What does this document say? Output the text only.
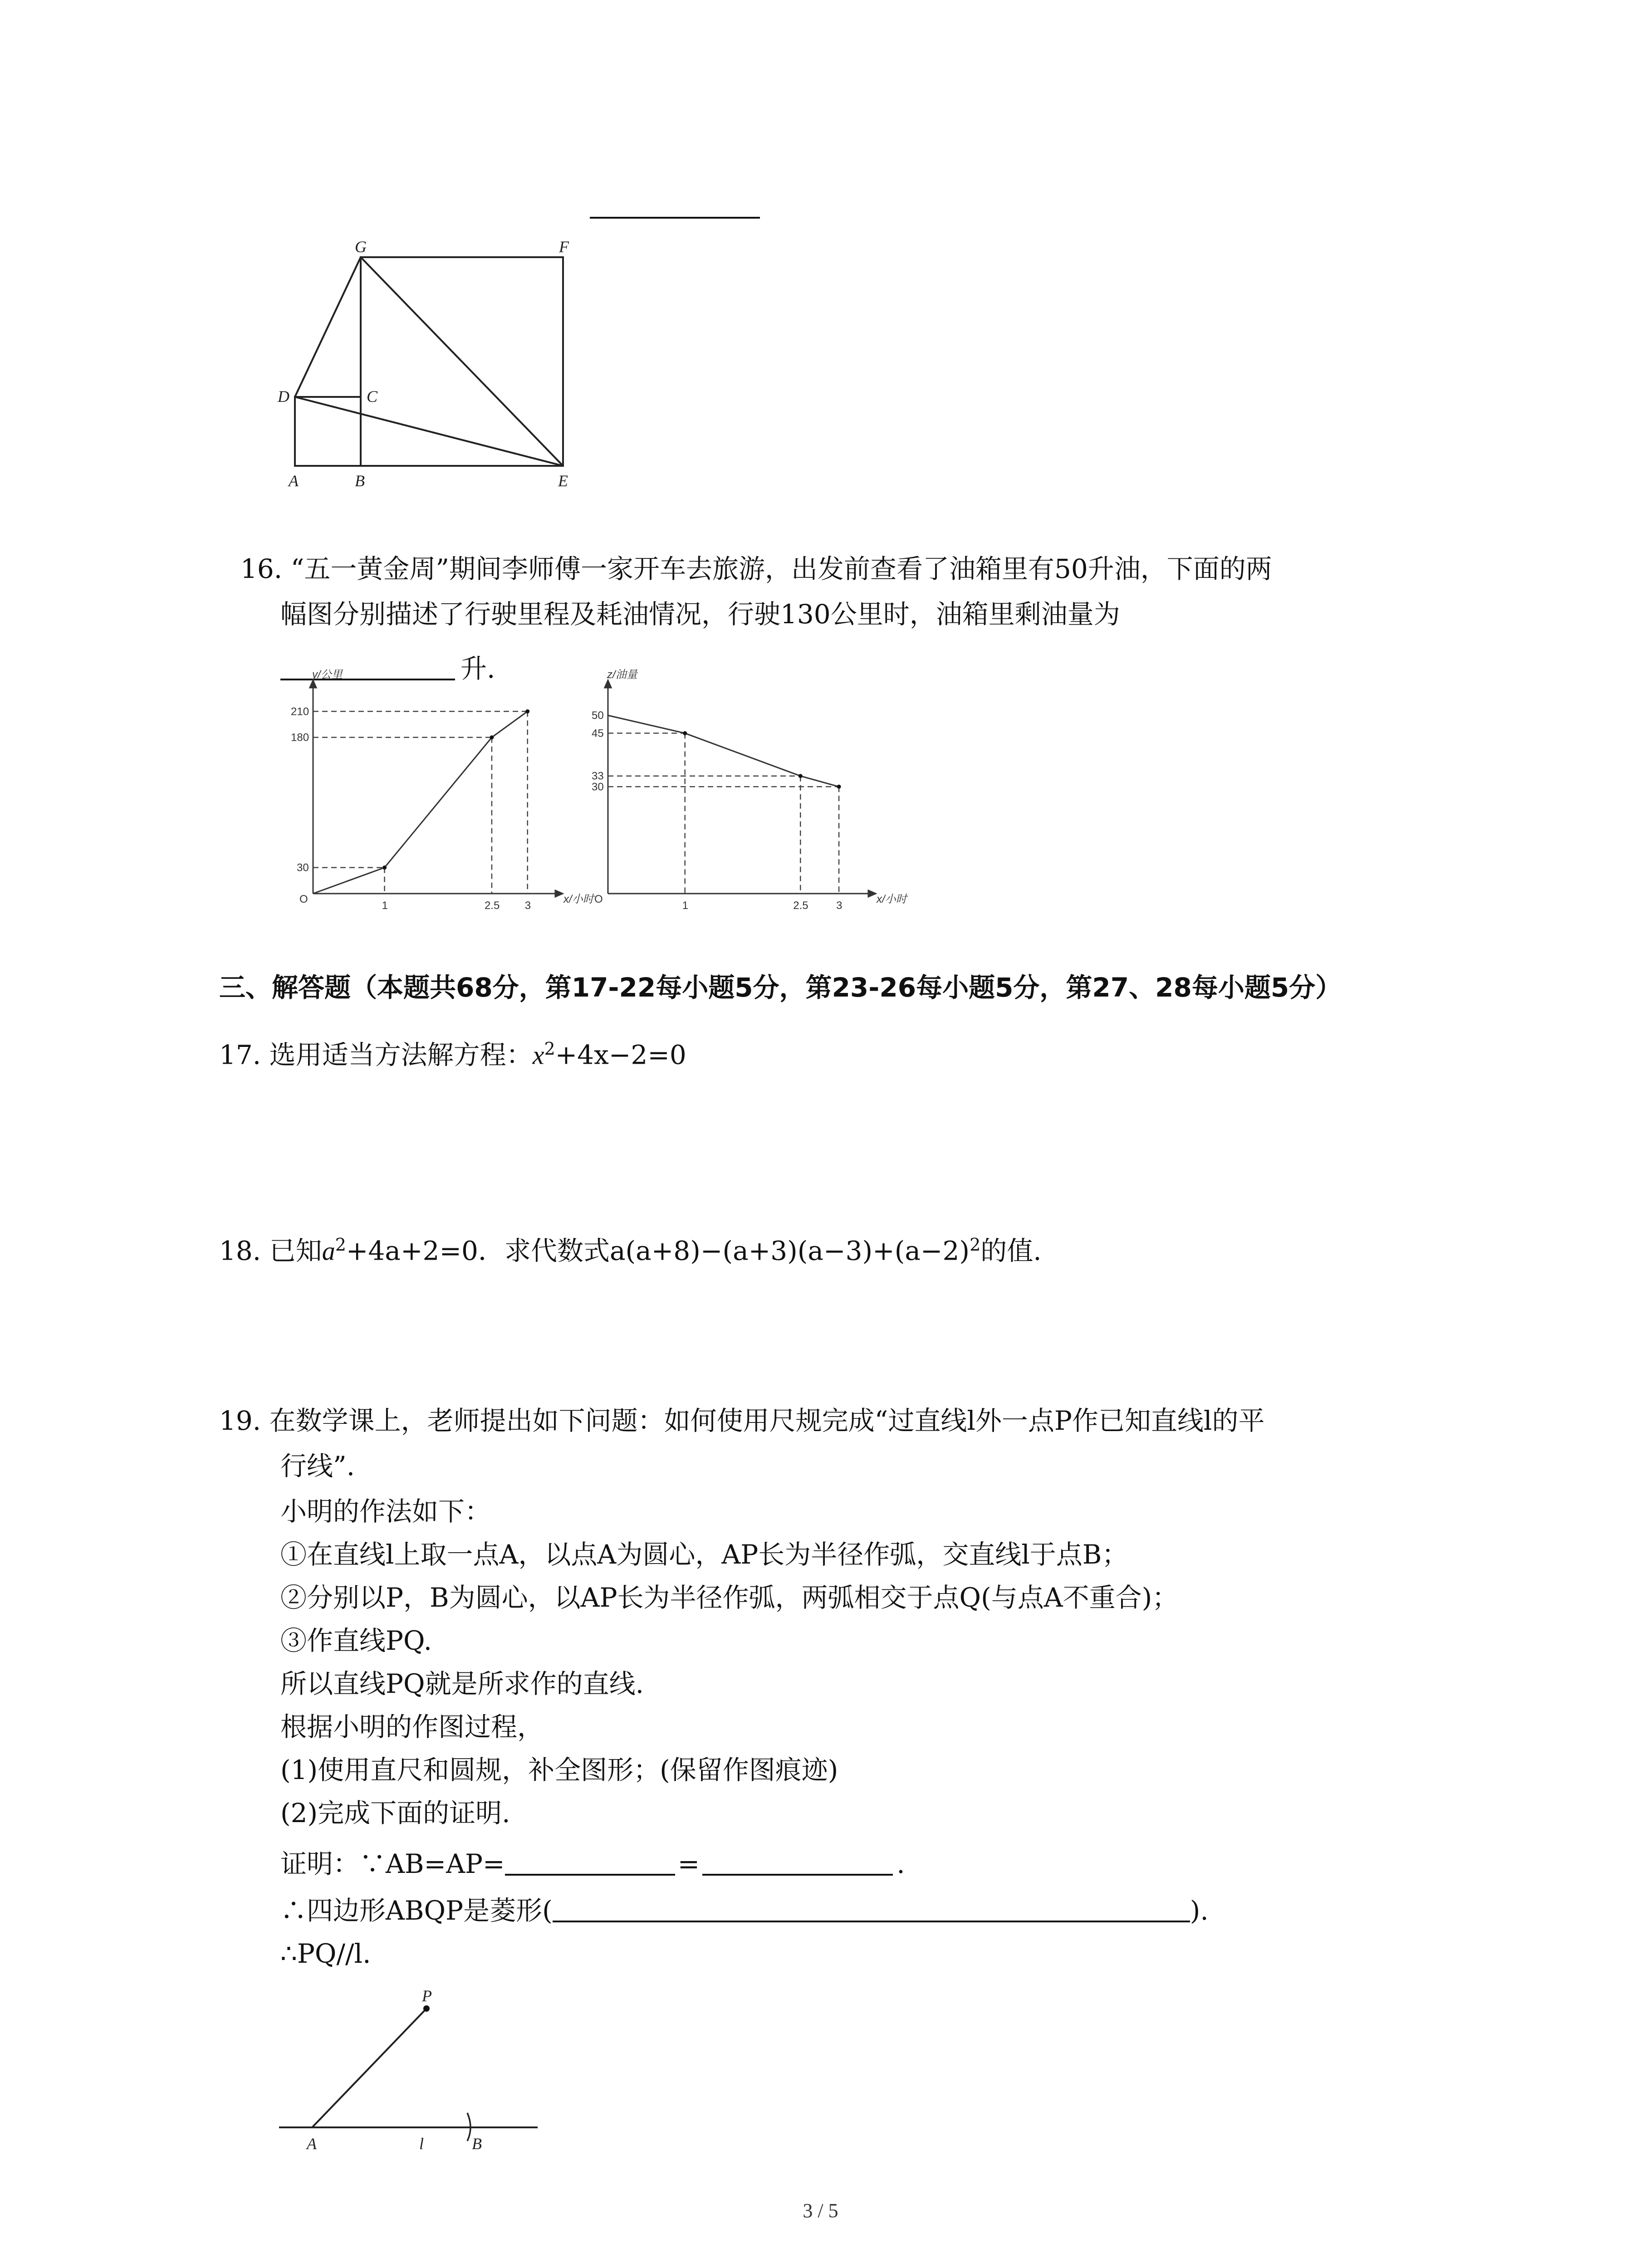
G	F
D	C
A	B	E
16. “五一黄金周”期间李师傅一家开车去旅游，出发前查看了油箱里有50升油，下面的两
幅图分别描述了行驶里程及耗油情况，行驶130公里时，油箱里剩油量为
升.
1	2.5 3
30
180
210
O
y/公里
x/小时
1	2.5	3
50
45
33
30
O
z/油量
x/小时
三、解答题（本题共68分，第17-22每小题5分，第23-26每小题5分，第27、28每小题5分）
17. 选用适当方法解方程：$x^2+4x-2=0$
18. 已知$a^2+4a+2=0$．求代数式$a(a+8)-(a+3)(a-3)+(a-2)^2$的值.
19. 在数学课上，老师提出如下问题：如何使用尺规完成“过直线l外一点P作已知直线l的平
行线”.
小明的作法如下：
①在直线l上取一点A，以点A为圆心，AP长为半径作弧，交直线l于点B；
②分别以P，B为圆心，以AP长为半径作弧，两弧相交于点Q(与点A不重合)；
③作直线PQ.
所以直线PQ就是所求作的直线.
根据小明的作图过程，
(1)使用直尺和圆规，补全图形；(保留作图痕迹)
(2)完成下面的证明.
证明：∵AB=AP=	=	.
∴四边形ABQP是菱形(	).
∴PQ//l.
P
A	l	B
3 / 5
